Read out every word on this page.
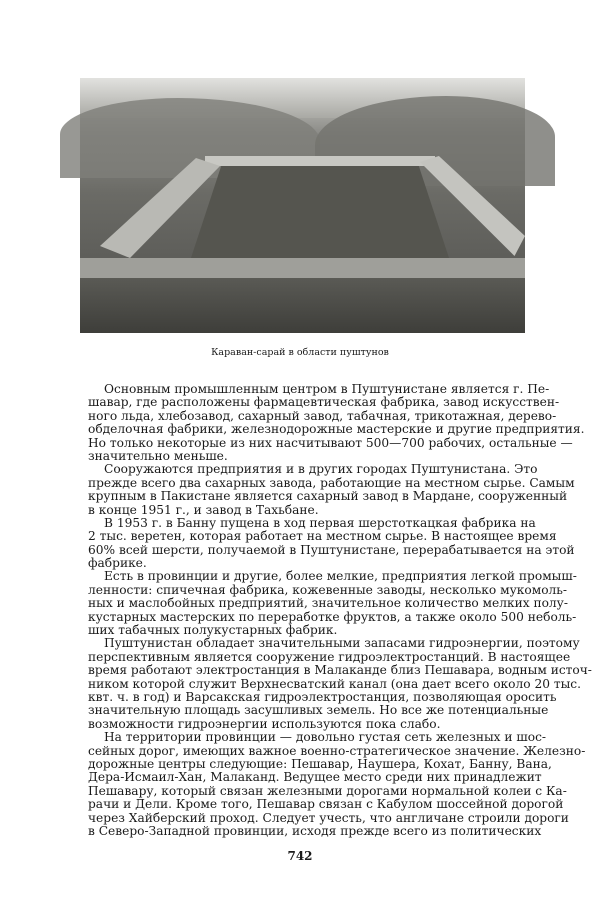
Караван-сарай в области пуштунов
Основным промышленным центром в Пуштунистане является г. Пе-
шавар, где расположены фармацевтическая фабрика, завод искусствен-
ного льда, хлебозавод, сахарный завод, табачная, трикотажная, дерево-
обделочная фабрики, железнодорожные мастерские и другие предприятия.
Но только некоторые из них насчитывают 500—700 рабочих, остальные —
значительно меньше.
Сооружаются предприятия и в других городах Пуштунистана. Это
прежде всего два сахарных завода, работающие на местном сырье. Самым
крупным в Пакистане является сахарный завод в Мардане, сооруженный
в конце 1951 г., и завод в Тахьбане.
В 1953 г. в Банну пущена в ход первая шерстоткацкая фабрика на
2 тыс. веретен, которая работает на местном сырье. В настоящее время
60% всей шерсти, получаемой в Пуштунистане, перерабатывается на этой
фабрике.
Есть в провинции и другие, более мелкие, предприятия легкой промыш-
ленности: спичечная фабрика, кожевенные заводы, несколько мукомоль-
ных и маслобойных предприятий, значительное количество мелких полу-
кустарных мастерских по переработке фруктов, а также около 500 неболь-
ших табачных полукустарных фабрик.
Пуштунистан обладает значительными запасами гидроэнергии, поэтому
перспективным является сооружение гидроэлектростанций. В настоящее
время работают электростанция в Малаканде близ Пешавара, водным источ-
ником которой служит Верхнесватский канал (она дает всего около 20 тыс.
квт. ч. в год) и Варсакская гидроэлектростанция, позволяющая оросить
значительную площадь засушливых земель. Но все же потенциальные
возможности гидроэнергии используются пока слабо.
На территории провинции — довольно густая сеть железных и шос-
сейных дорог, имеющих важное военно-стратегическое значение. Железно-
дорожные центры следующие: Пешавар, Наушера, Кохат, Банну, Вана,
Дера-Исмаил-Хан, Малаканд. Ведущее место среди них принадлежит
Пешавару, который связан железными дорогами нормальной колеи с Ка-
рачи и Дели. Кроме того, Пешавар связан с Кабулом шоссейной дорогой
через Хайберский проход. Следует учесть, что англичане строили дороги
в Северо-Западной провинции, исходя прежде всего из политических
742
